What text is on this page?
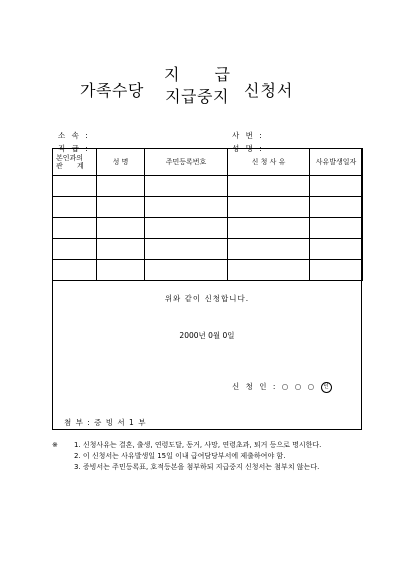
가족수당
지 급
지급중지 신청서
소 속 :
직 급 :
사 번 :
성 명 :
본인과의
관 계	성 명	주민등록번호	신 청 사 유	사유발생일자

위와 같이 신청합니다.
2000년 0월 0일
신 청 인 : ○ ○ ○ 인
첨 부 : 증 빙 서 1 부
※ 1. 신청사유는 결혼, 출생, 연령도달, 동거, 사망, 연령초과, 퇴거 등으로 명시한다.
2. 이 신청서는 사유발생일 15일 이내 급여담당부서에 제출하여야 함.
3. 증빙서는 주민등록표, 호적등본을 첨부하되 지급중지 신청서는 첨부치 않는다.
